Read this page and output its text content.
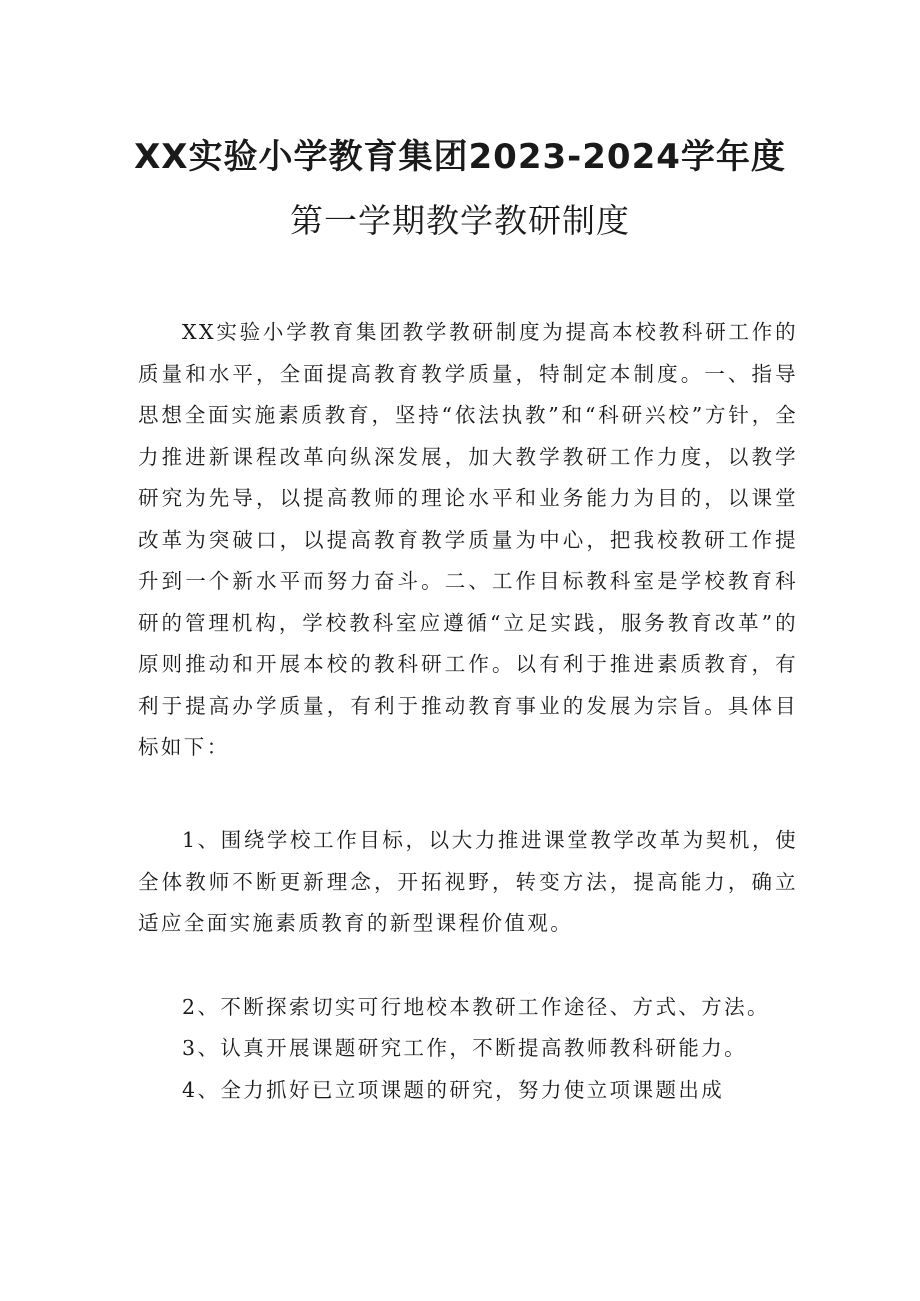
XX实验小学教育集团2023-2024学年度
第一学期教学教研制度

XX实验小学教育集团教学教研制度为提高本校教科研工作的质量和水平，全面提高教育教学质量，特制定本制度。一、指导思想全面实施素质教育，坚持“依法执教”和“科研兴校”方针，全力推进新课程改革向纵深发展，加大教学教研工作力度，以教学研究为先导，以提高教师的理论水平和业务能力为目的，以课堂改革为突破口，以提高教育教学质量为中心，把我校教研工作提升到一个新水平而努力奋斗。二、工作目标教科室是学校教育科研的管理机构，学校教科室应遵循“立足实践，服务教育改革”的原则推动和开展本校的教科研工作。以有利于推进素质教育，有利于提高办学质量，有利于推动教育事业的发展为宗旨。具体目标如下：

1、围绕学校工作目标，以大力推进课堂教学改革为契机，使全体教师不断更新理念，开拓视野，转变方法，提高能力，确立适应全面实施素质教育的新型课程价值观。

2、不断探索切实可行地校本教研工作途径、方式、方法。

3、认真开展课题研究工作，不断提高教师教科研能力。

4、全力抓好已立项课题的研究，努力使立项课题出成
